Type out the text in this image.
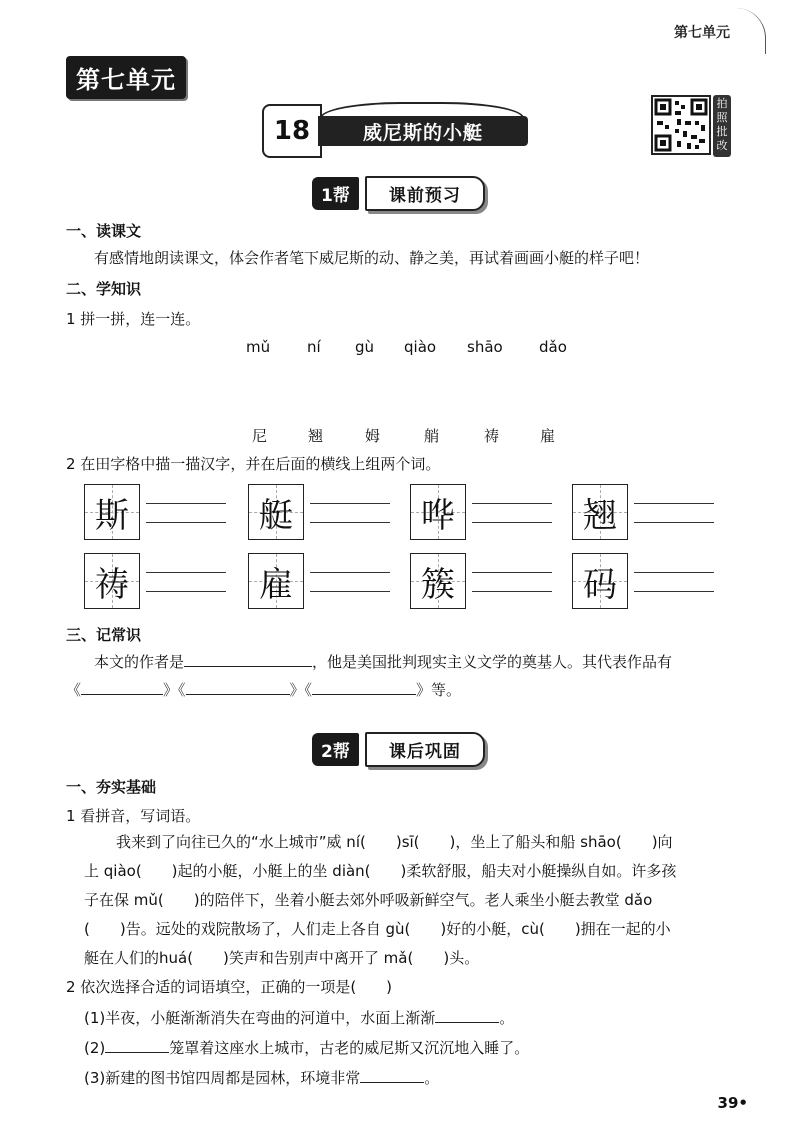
第七单元
第七单元
18	威尼斯的小艇
拍照批改
1帮	课前预习
一、读课文
有感情地朗读课文，体会作者笔下威尼斯的动、静之美，再试着画画小艇的样子吧！
二、学知识
1 拼一拼，连一连。
mǔ ní gù qiào shāo dǎo
尼	翘	姆	艄	祷	雇
2 在田字格中描一描汉字，并在后面的横线上组两个词。
斯	艇	哗	翘
祷	雇	簇	码
三、记常识
本文的作者是	，他是美国批判现实主义文学的奠基人。其代表作品有
《	》《	》《	》等。
2帮	课后巩固
一、夯实基础
1 看拼音，写词语。
我来到了向往已久的“水上城市”威 ní(　　)sī(　　)，坐上了船头和船 shāo(　　)向
上 qiào(　　)起的小艇，小艇上的坐 diàn(　　)柔软舒服，船夫对小艇操纵自如。许多孩
子在保 mǔ(　　)的陪伴下，坐着小艇去郊外呼吸新鲜空气。老人乘坐小艇去教堂 dǎo
(　　)告。远处的戏院散场了，人们走上各自 gù(　　)好的小艇，cù(　　)拥在一起的小
艇在人们的huá(　　)笑声和告别声中离开了 mǎ(　　)头。
2 依次选择合适的词语填空，正确的一项是(　　)
(1)半夜，小艇渐渐消失在弯曲的河道中，水面上渐渐	。
(2)	笼罩着这座水上城市，古老的威尼斯又沉沉地入睡了。
(3)新建的图书馆四周都是园林，环境非常	。
39•
